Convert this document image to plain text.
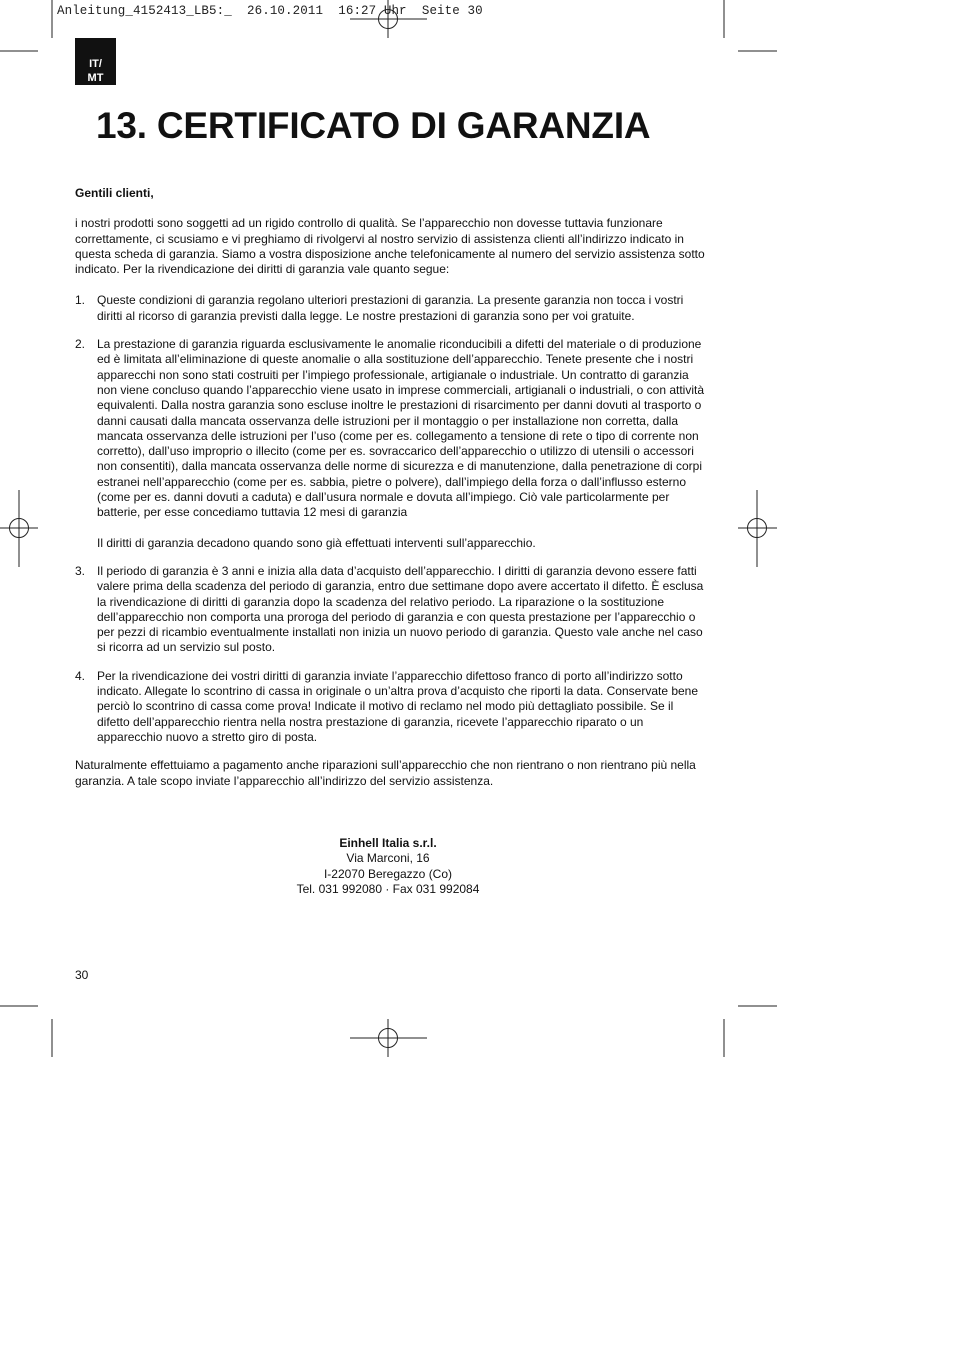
Anleitung_4152413_LB5:_  26.10.2011  16:27 Uhr  Seite 30
IT/
MT
13. CERTIFICATO DI GARANZIA

Gentili clienti,

i nostri prodotti sono soggetti ad un rigido controllo di qualità. Se l’apparecchio non dovesse tuttavia funzionare correttamente, ci scusiamo e vi preghiamo di rivolgervi al nostro servizio di assistenza clienti all’indirizzo indicato in questa scheda di garanzia. Siamo a vostra disposizione anche telefonicamente al numero del servizio assistenza sotto indicato. Per la rivendicazione dei diritti di garanzia vale quanto segue:

1. Queste condizioni di garanzia regolano ulteriori prestazioni di garanzia. La presente garanzia non tocca i vostri diritti al ricorso di garanzia previsti dalla legge. Le nostre prestazioni di garanzia sono per voi gratuite.

2. La prestazione di garanzia riguarda esclusivamente le anomalie riconducibili a difetti del materiale o di produzione ed è limitata all’eliminazione di queste anomalie o alla sostituzione dell’apparecchio. Tenete presente che i nostri apparecchi non sono stati costruiti per l’impiego professionale, artigianale o industriale. Un contratto di garanzia non viene concluso quando l’apparecchio viene usato in imprese commerciali, artigianali o industriali, o con attività equivalenti. Dalla nostra garanzia sono escluse inoltre le prestazioni di risarcimento per danni dovuti al trasporto o danni causati dalla mancata osservanza delle istruzioni per il montaggio o per installazione non corretta, dalla mancata osservanza delle istruzioni per l’uso (come per es. collegamento a tensione di rete o tipo di corrente non corretto), dall’uso improprio o illecito (come per es. sovraccarico dell’apparecchio o utilizzo di utensili o accessori non consentiti), dalla mancata osservanza delle norme di sicurezza e di manutenzione, dalla penetrazione di corpi estranei nell’apparecchio (come per es. sabbia, pietre o polvere), dall’impiego della forza o dall’influsso esterno (come per es. danni dovuti a caduta) e dall’usura normale e dovuta all’impiego. Ciò vale particolarmente per batterie, per esse concediamo tuttavia 12 mesi di garanzia

Il diritti di garanzia decadono quando sono già effettuati interventi sull’apparecchio.

3. Il periodo di garanzia è 3 anni e inizia alla data d’acquisto dell’apparecchio. I diritti di garanzia devono essere fatti valere prima della scadenza del periodo di garanzia, entro due settimane dopo avere accertato il difetto. È esclusa la rivendicazione di diritti di garanzia dopo la scadenza del relativo periodo. La riparazione o la sostituzione dell’apparecchio non comporta una proroga del periodo di garanzia e con questa prestazione per l’apparecchio o per pezzi di ricambio eventualmente installati non inizia un nuovo periodo di garanzia. Questo vale anche nel caso si ricorra ad un servizio sul posto.

4. Per la rivendicazione dei vostri diritti di garanzia inviate l’apparecchio difettoso franco di porto all’indirizzo sotto indicato. Allegate lo scontrino di cassa in originale o un’altra prova d’acquisto che riporti la data. Conservate bene perciò lo scontrino di cassa come prova! Indicate il motivo di reclamo nel modo più dettagliato possibile. Se il difetto dell’apparecchio rientra nella nostra prestazione di garanzia, ricevete l’apparecchio riparato o un apparecchio nuovo a stretto giro di posta.

Naturalmente effettuiamo a pagamento anche riparazioni sull’apparecchio che non rientrano o non rientrano più nella garanzia. A tale scopo inviate l’apparecchio all’indirizzo del servizio assistenza.

Einhell Italia s.r.l.
Via Marconi, 16
I-22070 Beregazzo (Co)
Tel. 031 992080 · Fax 031 992084
30
